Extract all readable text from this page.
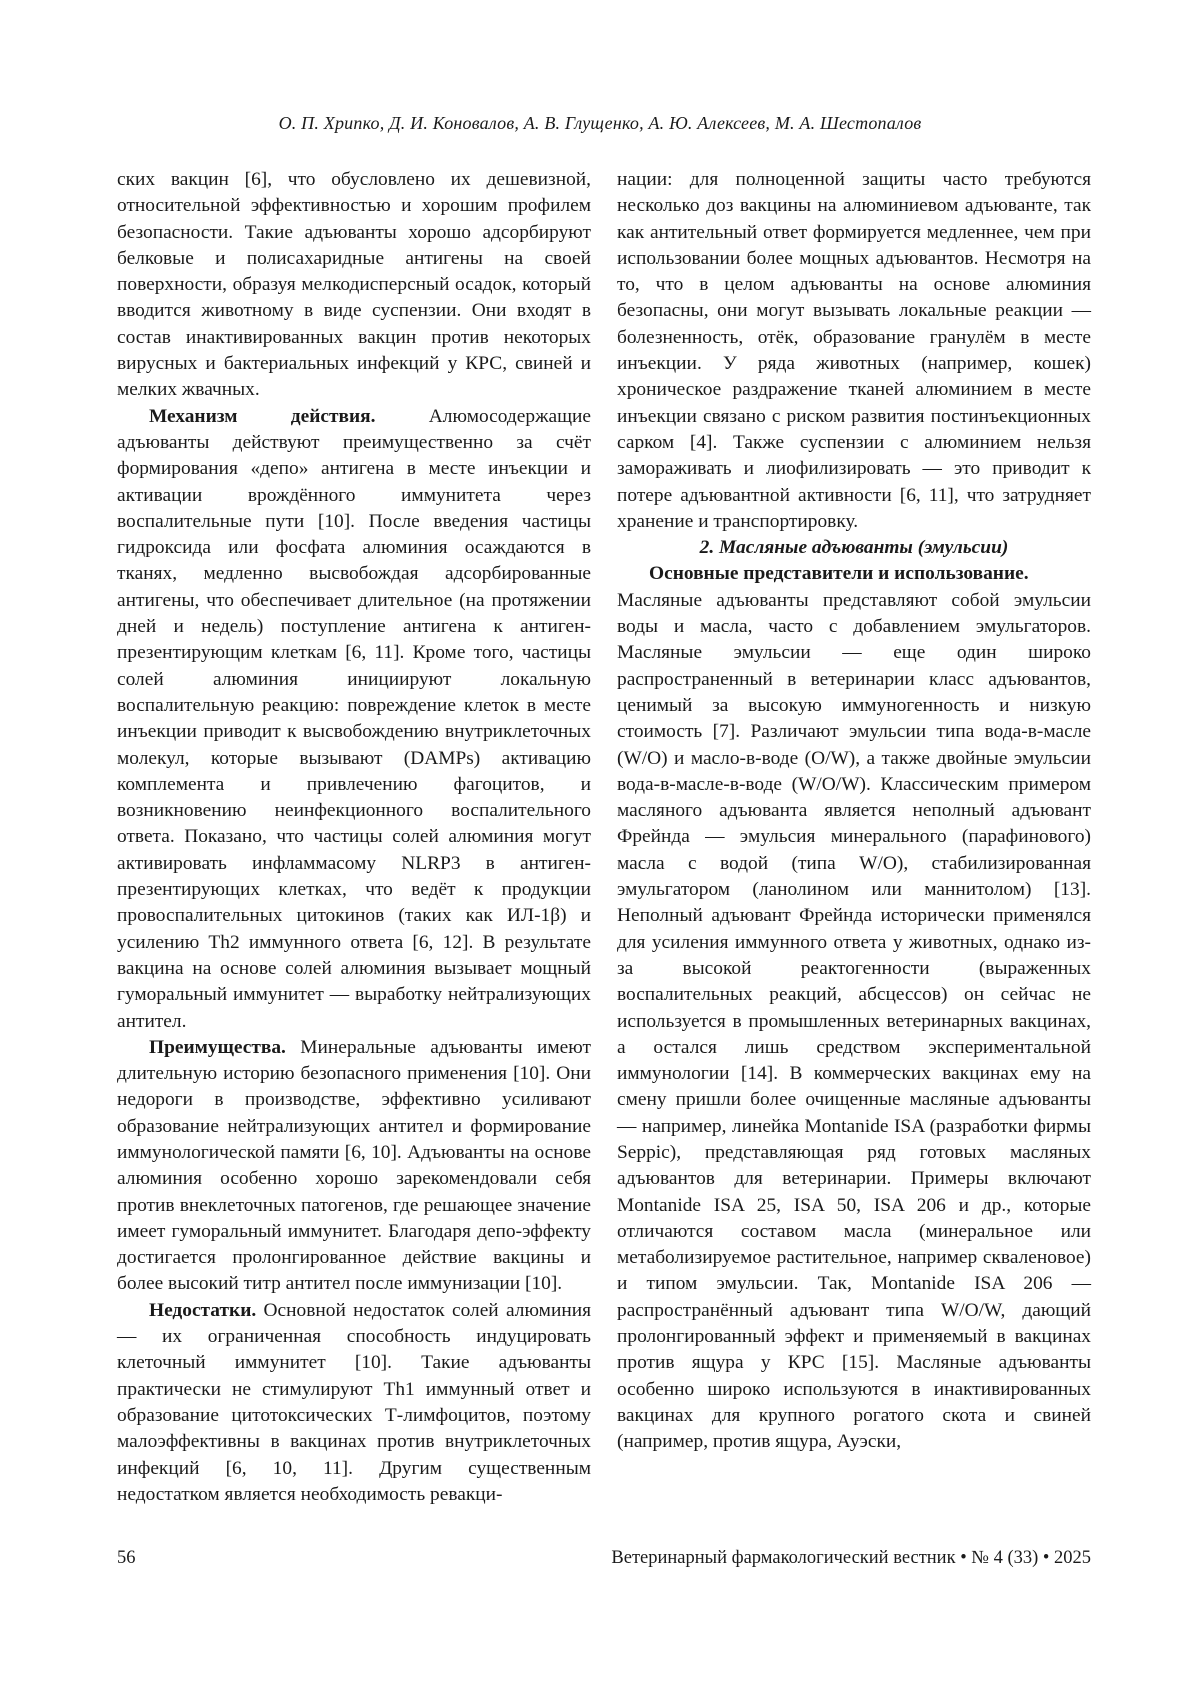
О. П. Хрипко, Д. И. Коновалов, А. В. Глущенко, А. Ю. Алексеев, М. А. Шестопалов

ских вакцин [6], что обусловлено их дешевизной, относительной эффективностью и хорошим профилем безопасности. Такие адъюванты хорошо адсорбируют белковые и полисахаридные антигены на своей поверхности, образуя мелкодисперсный осадок, который вводится животному в виде суспензии. Они входят в состав инактивированных вакцин против некоторых вирусных и бактериальных инфекций у КРС, свиней и мелких жвачных.

Механизм действия. Алюмосодержащие адъюванты действуют преимущественно за счёт формирования «депо» антигена в месте инъекции и активации врождённого иммунитета через воспалительные пути [10]. После введения частицы гидроксида или фосфата алюминия осаждаются в тканях, медленно высвобождая адсорбированные антигены, что обеспечивает длительное (на протяжении дней и недель) поступление антигена к антиген-презентирующим клеткам [6, 11]. Кроме того, частицы солей алюминия инициируют локальную воспалительную реакцию: повреждение клеток в месте инъекции приводит к высвобождению внутриклеточных молекул, которые вызывают (DAMPs) активацию комплемента и привлечению фагоцитов, и возникновению неинфекционного воспалительного ответа. Показано, что частицы солей алюминия могут активировать инфламмасому NLRP3 в антиген-презентирующих клетках, что ведёт к продукции провоспалительных цитокинов (таких как ИЛ-1β) и усилению Th2 иммунного ответа [6, 12]. В результате вакцина на основе солей алюминия вызывает мощный гуморальный иммунитет — выработку нейтрализующих антител.

Преимущества. Минеральные адъюванты имеют длительную историю безопасного применения [10]. Они недороги в производстве, эффективно усиливают образование нейтрализующих антител и формирование иммунологической памяти [6, 10]. Адъюванты на основе алюминия особенно хорошо зарекомендовали себя против внеклеточных патогенов, где решающее значение имеет гуморальный иммунитет. Благодаря депо-эффекту достигается пролонгированное действие вакцины и более высокий титр антител после иммунизации [10].

Недостатки. Основной недостаток солей алюминия — их ограниченная способность индуцировать клеточный иммунитет [10]. Такие адъюванты практически не стимулируют Th1 иммунный ответ и образование цитотоксических Т-лимфоцитов, поэтому малоэффективны в вакцинах против внутриклеточных инфекций [6, 10, 11]. Другим существенным недостатком является необходимость ревакци-

нации: для полноценной защиты часто требуются несколько доз вакцины на алюминиевом адъюванте, так как антительный ответ формируется медленнее, чем при использовании более мощных адъювантов. Несмотря на то, что в целом адъюванты на основе алюминия безопасны, они могут вызывать локальные реакции — болезненность, отёк, образование гранулём в месте инъекции. У ряда животных (например, кошек) хроническое раздражение тканей алюминием в месте инъекции связано с риском развития постинъекционных сарком [4]. Также суспензии с алюминием нельзя замораживать и лиофилизировать — это приводит к потере адъювантной активности [6, 11], что затрудняет хранение и транспортировку.

2. Масляные адъюванты (эмульсии)

Основные представители и использование.

Масляные адъюванты представляют собой эмульсии воды и масла, часто с добавлением эмульгаторов. Масляные эмульсии — еще один широко распространенный в ветеринарии класс адъювантов, ценимый за высокую иммуногенность и низкую стоимость [7]. Различают эмульсии типа вода-в-масле (W/O) и масло-в-воде (O/W), а также двойные эмульсии вода-в-масле-в-воде (W/O/W). Классическим примером масляного адъюванта является неполный адъювант Фрейнда — эмульсия минерального (парафинового) масла с водой (типа W/O), стабилизированная эмульгатором (ланолином или маннитолом) [13]. Неполный адъювант Фрейнда исторически применялся для усиления иммунного ответа у животных, однако из-за высокой реактогенности (выраженных воспалительных реакций, абсцессов) он сейчас не используется в промышленных ветеринарных вакцинах, а остался лишь средством экспериментальной иммунологии [14]. В коммерческих вакцинах ему на смену пришли более очищенные масляные адъюванты — например, линейка Montanide ISA (разработки фирмы Seppic), представляющая ряд готовых масляных адъювантов для ветеринарии. Примеры включают Montanide ISA 25, ISA 50, ISA 206 и др., которые отличаются составом масла (минеральное или метаболизируемое растительное, например скваленовое) и типом эмульсии. Так, Montanide ISA 206 — распространённый адъювант типа W/O/W, дающий пролонгированный эффект и применяемый в вакцинах против ящура у КРС [15]. Масляные адъюванты особенно широко используются в инактивированных вакцинах для крупного рогатого скота и свиней (например, против ящура, Ауэски,

56	Ветеринарный фармакологический вестник • № 4 (33) • 2025
